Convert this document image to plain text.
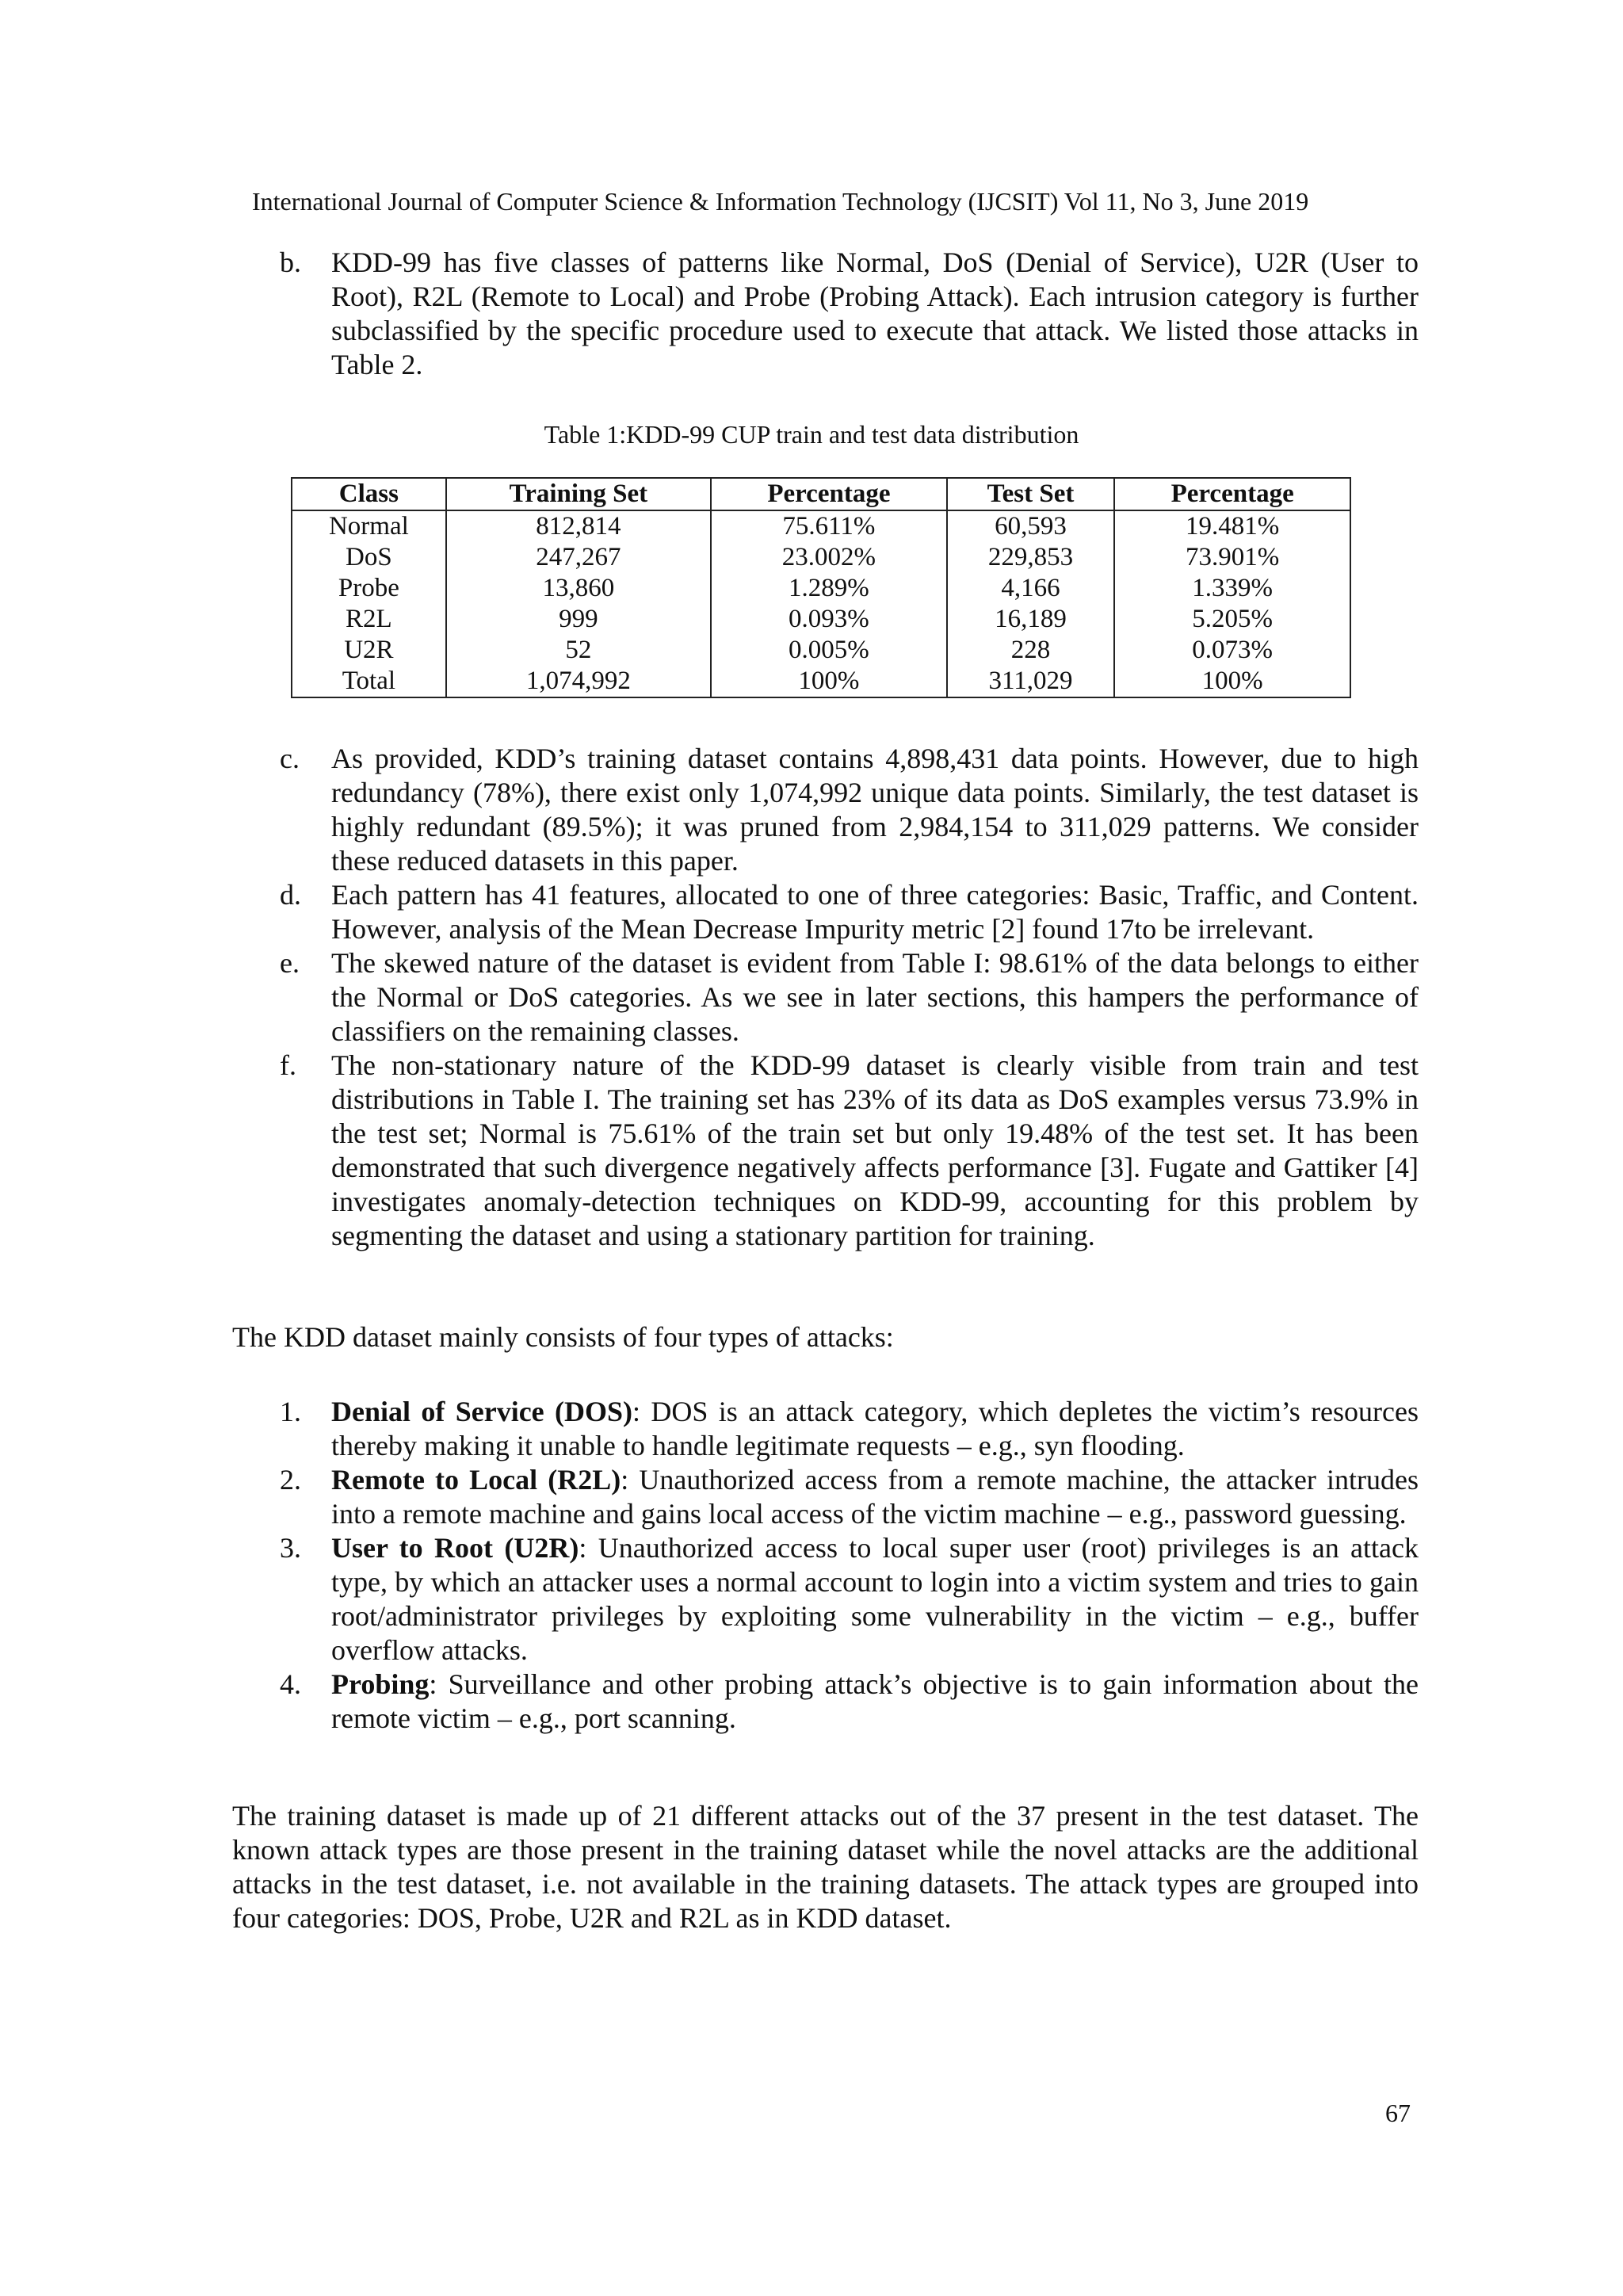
International Journal of Computer Science & Information Technology (IJCSIT) Vol 11, No 3, June 2019
b. KDD-99 has five classes of patterns like Normal, DoS (Denial of Service), U2R (User to Root), R2L (Remote to Local) and Probe (Probing Attack). Each intrusion category is further subclassified by the specific procedure used to execute that attack. We listed those attacks in Table 2.
Table 1:KDD-99 CUP train and test data distribution
Class	Training Set	Percentage	Test Set	Percentage
Normal	812,814	75.611%	60,593	19.481%
DoS	247,267	23.002%	229,853	73.901%
Probe	13,860	1.289%	4,166	1.339%
R2L	999	0.093%	16,189	5.205%
U2R	52	0.005%	228	0.073%
Total	1,074,992	100%	311,029	100%
c. As provided, KDD’s training dataset contains 4,898,431 data points. However, due to high redundancy (78%), there exist only 1,074,992 unique data points. Similarly, the test dataset is highly redundant (89.5%); it was pruned from 2,984,154 to 311,029 patterns. We consider these reduced datasets in this paper.
d. Each pattern has 41 features, allocated to one of three categories: Basic, Traffic, and Content. However, analysis of the Mean Decrease Impurity metric [2] found 17to be irrelevant.
e. The skewed nature of the dataset is evident from Table I: 98.61% of the data belongs to either the Normal or DoS categories. As we see in later sections, this hampers the performance of classifiers on the remaining classes.
f. The non-stationary nature of the KDD-99 dataset is clearly visible from train and test distributions in Table I. The training set has 23% of its data as DoS examples versus 73.9% in the test set; Normal is 75.61% of the train set but only 19.48% of the test set. It has been demonstrated that such divergence negatively affects performance [3]. Fugate and Gattiker [4] investigates anomaly-detection techniques on KDD-99, accounting for this problem by segmenting the dataset and using a stationary partition for training.
The KDD dataset mainly consists of four types of attacks:
1. Denial of Service (DOS): DOS is an attack category, which depletes the victim’s resources thereby making it unable to handle legitimate requests – e.g., syn flooding.
2. Remote to Local (R2L): Unauthorized access from a remote machine, the attacker intrudes into a remote machine and gains local access of the victim machine – e.g., password guessing.
3. User to Root (U2R): Unauthorized access to local super user (root) privileges is an attack type, by which an attacker uses a normal account to login into a victim system and tries to gain root/administrator privileges by exploiting some vulnerability in the victim – e.g., buffer overflow attacks.
4. Probing: Surveillance and other probing attack’s objective is to gain information about the remote victim – e.g., port scanning.
The training dataset is made up of 21 different attacks out of the 37 present in the test dataset. The known attack types are those present in the training dataset while the novel attacks are the additional attacks in the test dataset, i.e. not available in the training datasets. The attack types are grouped into four categories: DOS, Probe, U2R and R2L as in KDD dataset.
67
